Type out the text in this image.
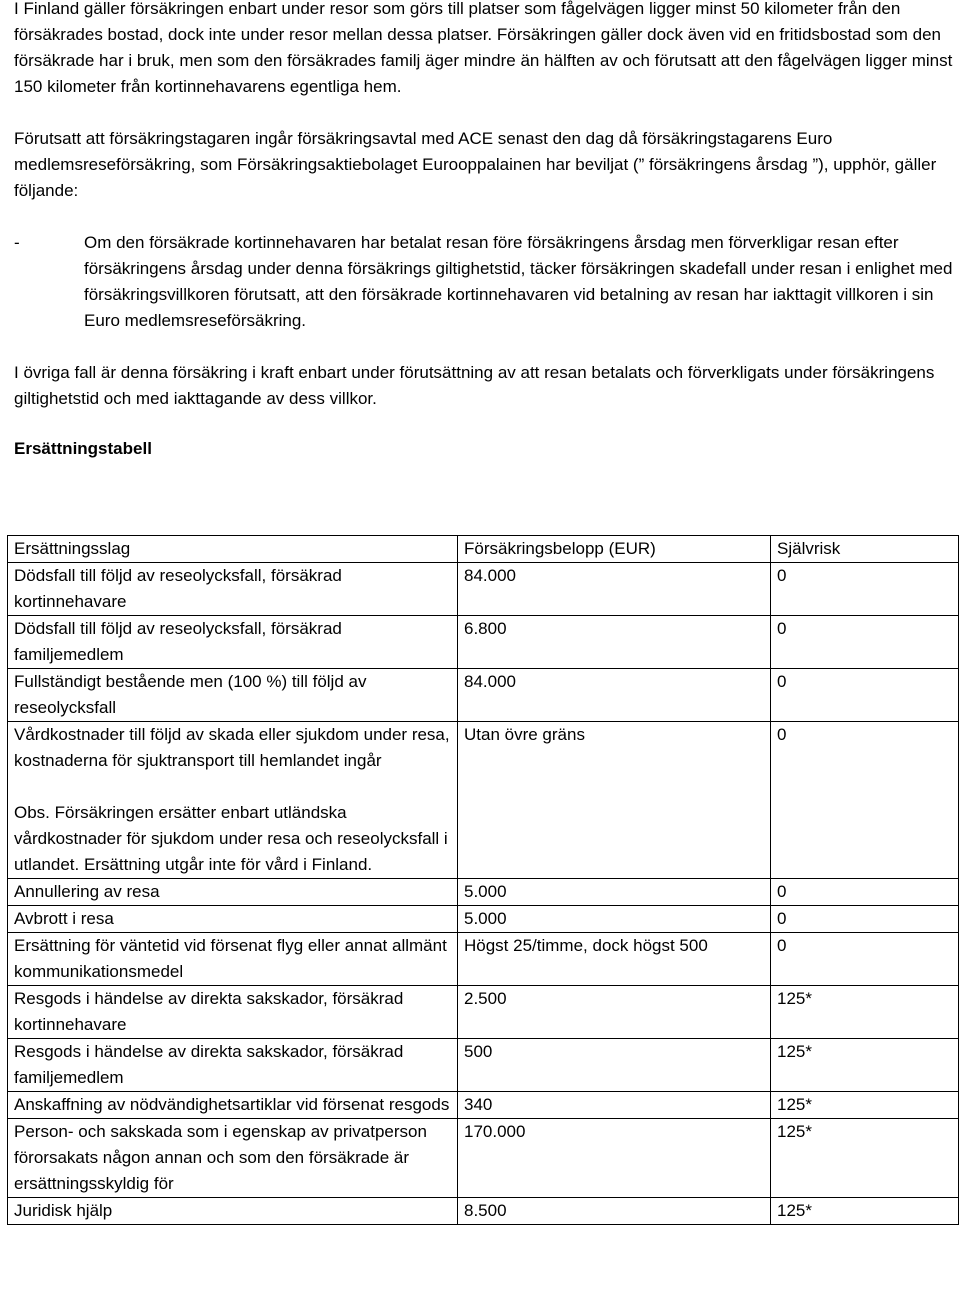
I Finland gäller försäkringen enbart under resor som görs till platser som fågelvägen ligger minst 50 kilometer från den försäkrades bostad, dock inte under resor mellan dessa platser. Försäkringen gäller dock även vid en fritidsbostad som den försäkrade har i bruk, men som den försäkrades familj äger mindre än hälften av och förutsatt att den fågelvägen ligger minst 150 kilometer från kortinnehavarens egentliga hem.

Förutsatt att försäkringstagaren ingår försäkringsavtal med ACE senast den dag då försäkringstagarens Euro medlemsreseförsäkring, som Försäkringsaktiebolaget Eurooppalainen har beviljat (” försäkringens årsdag ”), upphör, gäller följande:

-	Om den försäkrade kortinnehavaren har betalat resan före försäkringens årsdag men förverkligar resan efter försäkringens årsdag under denna försäkrings giltighetstid, täcker försäkringen skadefall under resan i enlighet med försäkringsvillkoren förutsatt, att den försäkrade kortinnehavaren vid betalning av resan har iakttagit villkoren i sin Euro medlemsreseförsäkring.

I övriga fall är denna försäkring i kraft enbart under förutsättning av att resan betalats och förverkligats under försäkringens giltighetstid och med iakttagande av dess villkor.

Ersättningstabell

Ersättningsslag	Försäkringsbelopp (EUR)	Självrisk
Dödsfall till följd av reseolycksfall, försäkrad kortinnehavare	84.000	0
Dödsfall till följd av reseolycksfall, försäkrad familjemedlem	6.800	0
Fullständigt bestående men (100 %) till följd av reseolycksfall	84.000	0

Vårdkostnader till följd av skada eller sjukdom under resa, kostnaderna för sjuktransport till hemlandet ingår
Obs. Försäkringen ersätter enbart utländska vårdkostnader för sjukdom under resa och reseolycksfall i utlandet. Ersättning utgår inte för vård i Finland.	Utan övre gräns	0
Annullering av resa	5.000	0
Avbrott i resa	5.000	0
Ersättning för väntetid vid försenat flyg eller annat allmänt kommunikationsmedel	Högst 25/timme, dock högst 500	0
Resgods i händelse av direkta sakskador, försäkrad kortinnehavare	2.500	125*
Resgods i händelse av direkta sakskador, försäkrad familjemedlem	500	125*
Anskaffning av nödvändighetsartiklar vid försenat resgods	340	125*
Person- och sakskada som i egenskap av privatperson förorsakats någon annan och som den försäkrade är ersättningsskyldig för	170.000	125*
Juridisk hjälp	8.500	125*
